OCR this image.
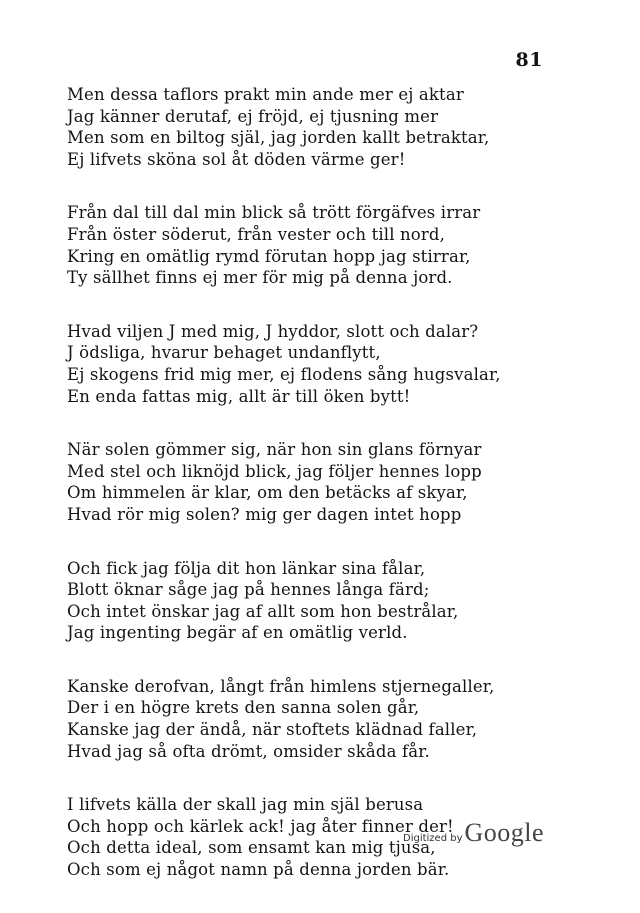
81
Men dessa taflors prakt min ande mer ej aktar
Jag känner derutaf, ej fröjd, ej tjusning mer
Men som en biltog själ, jag jorden kallt betraktar,
Ej lifvets sköna sol åt döden värme ger!
Från dal till dal min blick så trött förgäfves irrar
Från öster söderut, från vester och till nord,
Kring en omätlig rymd förutan hopp jag stirrar,
Ty sällhet finns ej mer för mig på denna jord.
Hvad viljen J med mig, J hyddor, slott och dalar?
J ödsliga, hvarur behaget undanflytt,
Ej skogens frid mig mer, ej flodens sång hugsvalar,
En enda fattas mig, allt är till öken bytt!
När solen gömmer sig, när hon sin glans förnyar
Med stel och liknöjd blick, jag följer hennes lopp
Om himmelen är klar, om den betäcks af skyar,
Hvad rör mig solen? mig ger dagen intet hopp
Och fick jag följa dit hon länkar sina fålar,
Blott öknar såge jag på hennes långa färd;
Och intet önskar jag af allt som hon bestrålar,
Jag ingenting begär af en omätlig verld.
Kanske derofvan, långt från himlens stjernegaller,
Der i en högre krets den sanna solen går,
Kanske jag der ändå, när stoftets klädnad faller,
Hvad jag så ofta drömt, omsider skåda får.
I lifvets källa der skall jag min själ berusa
Och hopp och kärlek ack! jag åter finner der!
Och detta ideal, som ensamt kan mig tjusa,
Och som ej något namn på denna jorden bär.
Digitized by Google
